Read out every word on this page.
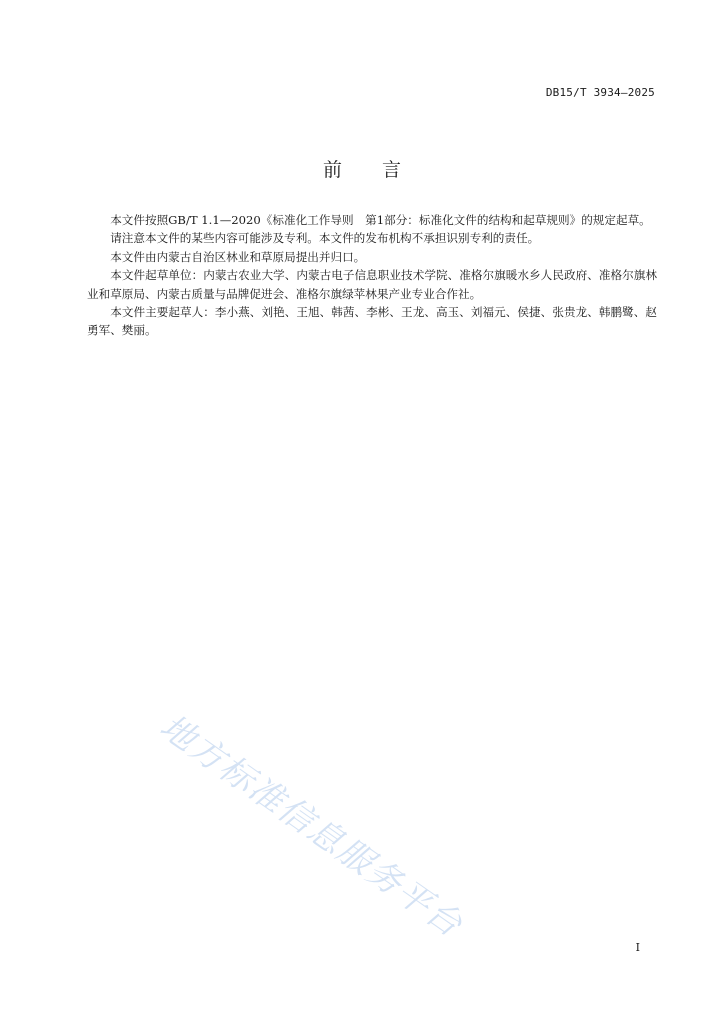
DB15/T 3934—2025
前 言

本文件按照GB/T 1.1—2020《标准化工作导则　第1部分：标准化文件的结构和起草规则》的规定起草。

请注意本文件的某些内容可能涉及专利。本文件的发布机构不承担识别专利的责任。

本文件由内蒙古自治区林业和草原局提出并归口。

本文件起草单位：内蒙古农业大学、内蒙古电子信息职业技术学院、准格尔旗暖水乡人民政府、准格尔旗林业和草原局、内蒙古质量与品牌促进会、准格尔旗绿苹林果产业专业合作社。

本文件主要起草人：李小燕、刘艳、王旭、韩茜、李彬、王龙、高玉、刘福元、侯捷、张贵龙、韩鹏鹭、赵勇军、樊丽。

地方标准信息服务平台
I
